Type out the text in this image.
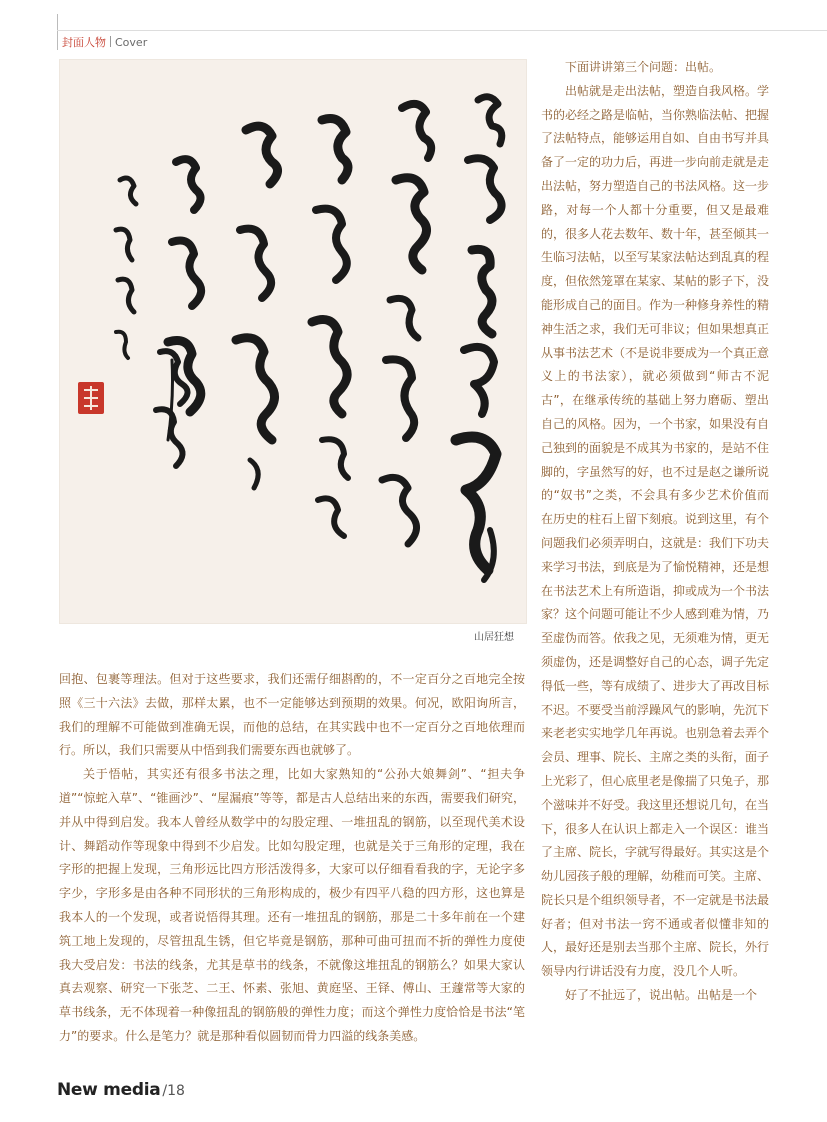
封面人物 Cover
山居狂想

下面讲讲第三个问题：出帖。

出帖就是走出法帖，塑造自我风格。学书的必经之路是临帖，当你熟临法帖、把握了法帖特点，能够运用自如、自由书写并具备了一定的功力后，再进一步向前走就是走出法帖，努力塑造自己的书法风格。这一步路，对每一个人都十分重要，但又是最难的，很多人花去数年、数十年，甚至倾其一生临习法帖，以至写某家法帖达到乱真的程度，但依然笼罩在某家、某帖的影子下，没能形成自己的面目。作为一种修身养性的精神生活之求，我们无可非议；但如果想真正从事书法艺术（不是说非要成为一个真正意义上的书法家），就必须做到“师古不泥古”，在继承传统的基础上努力磨砺、塑出自己的风格。因为，一个书家，如果没有自己独到的面貌是不成其为书家的，是站不住脚的，字虽然写的好，也不过是赵之谦所说的“奴书”之类，不会具有多少艺术价值而在历史的柱石上留下刻痕。说到这里，有个问题我们必须弄明白，这就是：我们下功夫来学习书法，到底是为了愉悦精神，还是想在书法艺术上有所造诣，抑或成为一个书法家？这个问题可能让不少人感到难为情，乃至虚伪而答。依我之见，无须难为情，更无须虚伪，还是调整好自己的心态，调子先定得低一些，等有成绩了、进步大了再改目标不迟。不要受当前浮躁风气的影响，先沉下来老老实实地学几年再说。也别急着去弄个会员、理事、院长、主席之类的头衔，面子上光彩了，但心底里老是像揣了只兔子，那个滋味并不好受。我这里还想说几句，在当下，很多人在认识上都走入一个误区：谁当了主席、院长，字就写得最好。其实这是个幼儿园孩子般的理解，幼稚而可笑。主席、院长只是个组织领导者，不一定就是书法最好者；但对书法一窍不通或者似懂非知的人，最好还是别去当那个主席、院长，外行领导内行讲话没有力度，没几个人听。

好了不扯远了，说出帖。出帖是一个

回抱、包裹等理法。但对于这些要求，我们还需仔细斟酌的，不一定百分之百地完全按照《三十六法》去做，那样太累，也不一定能够达到预期的效果。何况，欧阳询所言，我们的理解不可能做到准确无误，而他的总结，在其实践中也不一定百分之百地依理而行。所以，我们只需要从中悟到我们需要东西也就够了。

关于悟帖，其实还有很多书法之理，比如大家熟知的“公孙大娘舞剑”、“担夫争道”“惊蛇入草”、“锥画沙”、“屋漏痕”等等，都是古人总结出来的东西，需要我们研究，并从中得到启发。我本人曾经从数学中的勾股定理、一堆扭乱的钢筋，以至现代美术设计、舞蹈动作等现象中得到不少启发。比如勾股定理，也就是关于三角形的定理，我在字形的把握上发现，三角形远比四方形活泼得多，大家可以仔细看看我的字，无论字多字少，字形多是由各种不同形状的三角形构成的，极少有四平八稳的四方形，这也算是我本人的一个发现，或者说悟得其理。还有一堆扭乱的钢筋，那是二十多年前在一个建筑工地上发现的，尽管扭乱生锈，但它毕竟是钢筋，那种可曲可扭而不折的弹性力度使我大受启发：书法的线条，尤其是草书的线条，不就像这堆扭乱的钢筋么？如果大家认真去观察、研究一下张芝、二王、怀素、张旭、黄庭坚、王铎、傅山、王蘧常等大家的草书线条，无不体现着一种像扭乱的钢筋般的弹性力度；而这个弹性力度恰恰是书法“笔力”的要求。什么是笔力？就是那种看似圆韧而骨力四溢的线条美感。

New media /18
